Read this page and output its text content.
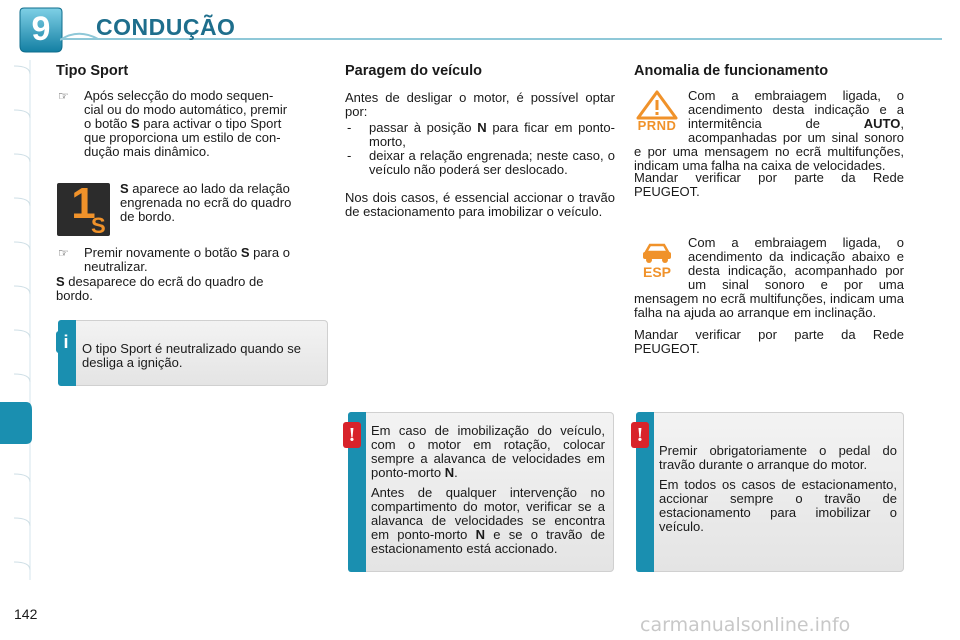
9	CONDUÇÃO
Tipo Sport
☞	Após selecção do modo sequen-
cial ou do modo automático, premir
o botão S para activar o tipo Sport
que proporciona um estilo de con-
dução mais dinâmico.
1
S
S aparece ao lado da relação
engrenada no ecrã do quadro
de bordo.
☞	Premir novamente o botão S para o
neutralizar.
S desaparece do ecrã do quadro de
bordo.
i	O tipo Sport é neutralizado quando se desliga a ignição.
Paragem do veículo
Antes de desligar o motor, é possível optar por:
-	passar à posição N para ficar em ponto-morto,
-	deixar a relação engrenada; neste caso, o veículo não poderá ser deslocado.
Nos dois casos, é essencial accionar o travão de estacionamento para imobilizar o veículo.
!	Em caso de imobilização do veículo, com o motor em rotação, colocar sempre a alavanca de velocidades em ponto-morto N.
Antes de qualquer intervenção no compartimento do motor, verificar se a alavanca de velocidades se encontra em ponto-morto N e se o travão de estacionamento está accionado.
Anomalia de funcionamento
PRND
Com a embraiagem ligada, o acendimento desta indicação e a intermitência de AUTO, acompanhadas por um sinal sonoro e por uma mensagem no ecrã multifunções, indicam uma falha na caixa de velocidades.
Mandar verificar por parte da Rede PEUGEOT.
ESP
Com a embraiagem ligada, o acendimento da indicação abaixo e desta indicação, acompanhado por um sinal sonoro e por uma mensagem no ecrã multifunções, indicam uma falha na ajuda ao arranque em inclinação.
Mandar verificar por parte da Rede PEUGEOT.
!
Premir obrigatoriamente o pedal do travão durante o arranque do motor.
Em todos os casos de estacionamento, accionar sempre o travão de estacionamento para imobilizar o veículo.
142	carmanualsonline.info
